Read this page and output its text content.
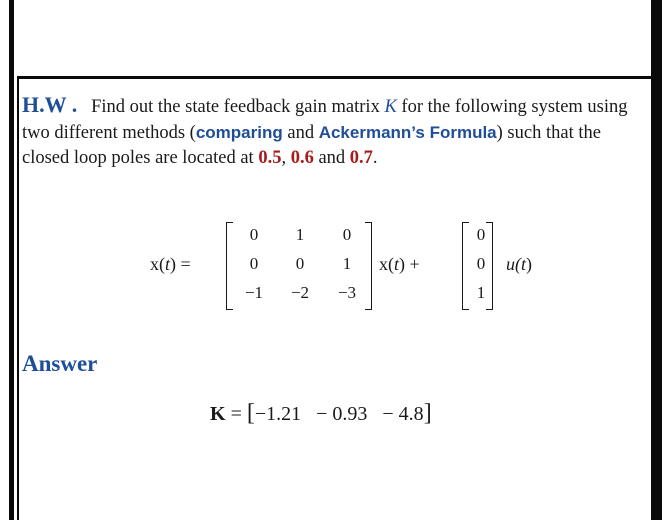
H.W . Find out the state feedback gain matrix K for the following system using two different methods (comparing and Ackermann’s Formula) such that the closed loop poles are located at 0.5, 0.6 and 0.7.
x(t) =
0	1	0
0	0	1
−1	−2	−3
x(t) +
0
0
1
u(t)
Answer
K = [−1.21 − 0.93 − 4.8]
